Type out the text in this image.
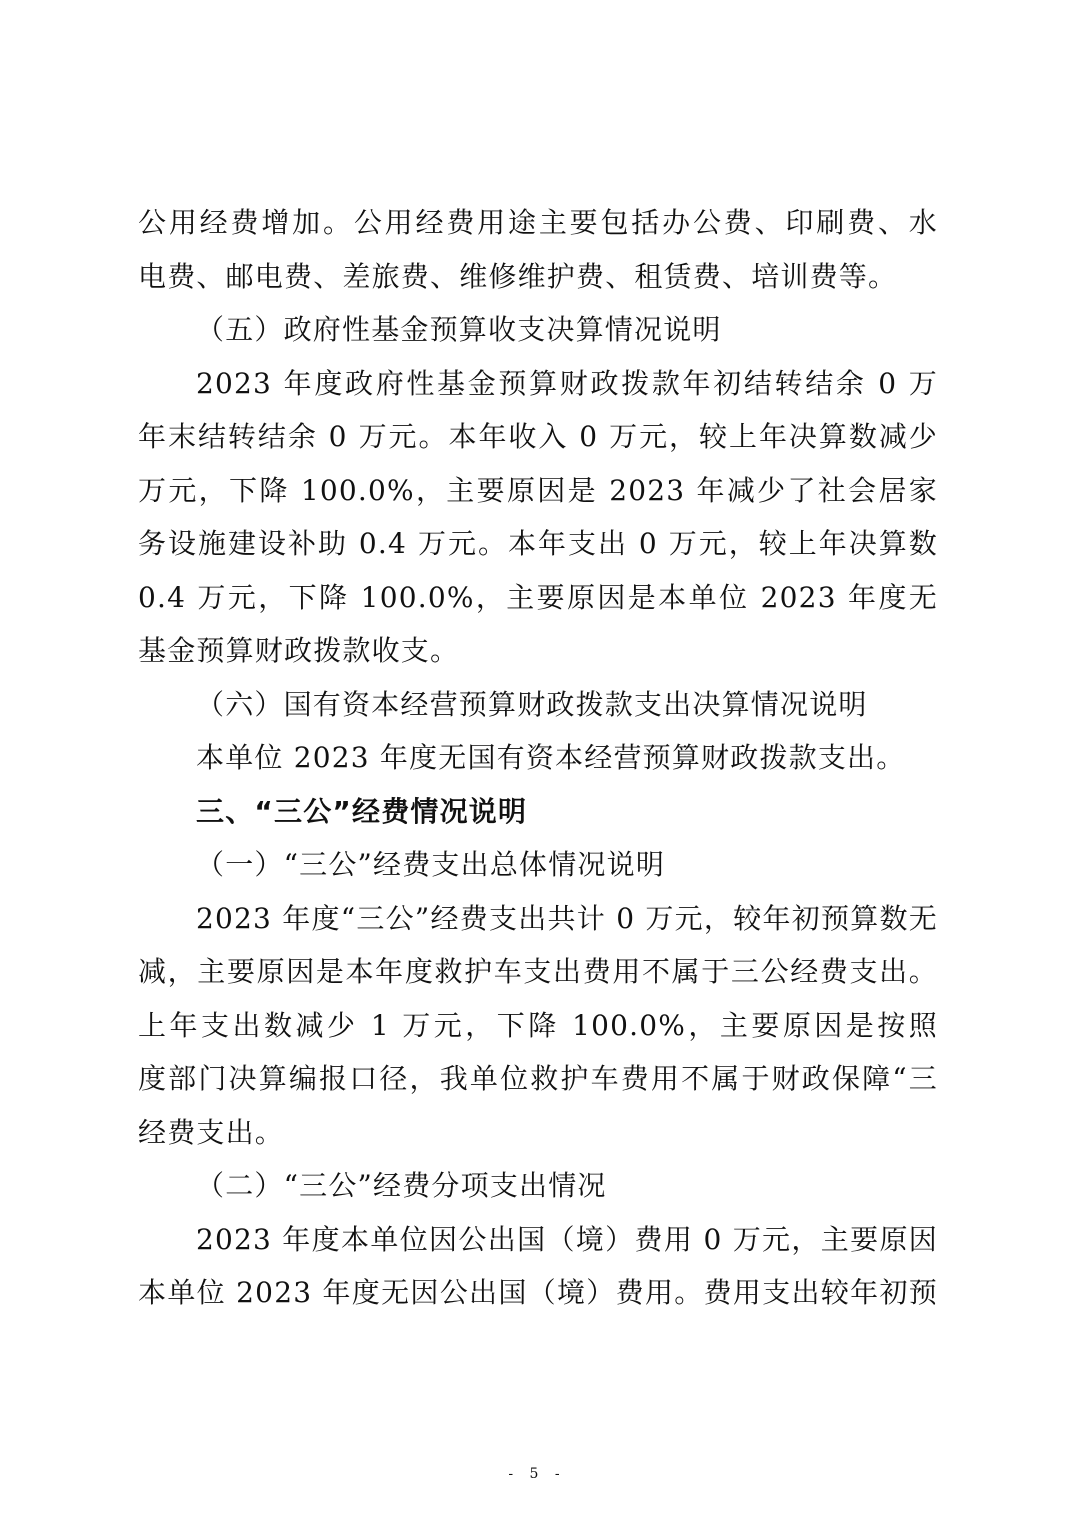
公用经费增加。公用经费用途主要包括办公费、印刷费、水
电费、邮电费、差旅费、维修维护费、租赁费、培训费等。
（五）政府性基金预算收支决算情况说明
2023 年度政府性基金预算财政拨款年初结转结余 0 万
年末结转结余 0 万元。本年收入 0 万元，较上年决算数减少
万元，下降 100.0%，主要原因是 2023 年减少了社会居家
务设施建设补助 0.4 万元。本年支出 0 万元，较上年决算数
0.4 万元，下降 100.0%，主要原因是本单位 2023 年度无
基金预算财政拨款收支。
（六）国有资本经营预算财政拨款支出决算情况说明
本单位 2023 年度无国有资本经营预算财政拨款支出。
三、“三公”经费情况说明
（一）“三公”经费支出总体情况说明
2023 年度“三公”经费支出共计 0 万元，较年初预算数无
减，主要原因是本年度救护车支出费用不属于三公经费支出。
上年支出数减少 1 万元，下降 100.0%，主要原因是按照
度部门决算编报口径，我单位救护车费用不属于财政保障“三
经费支出。
（二）“三公”经费分项支出情况
2023 年度本单位因公出国（境）费用 0 万元，主要原因
本单位 2023 年度无因公出国（境）费用。费用支出较年初预
- 5 -
